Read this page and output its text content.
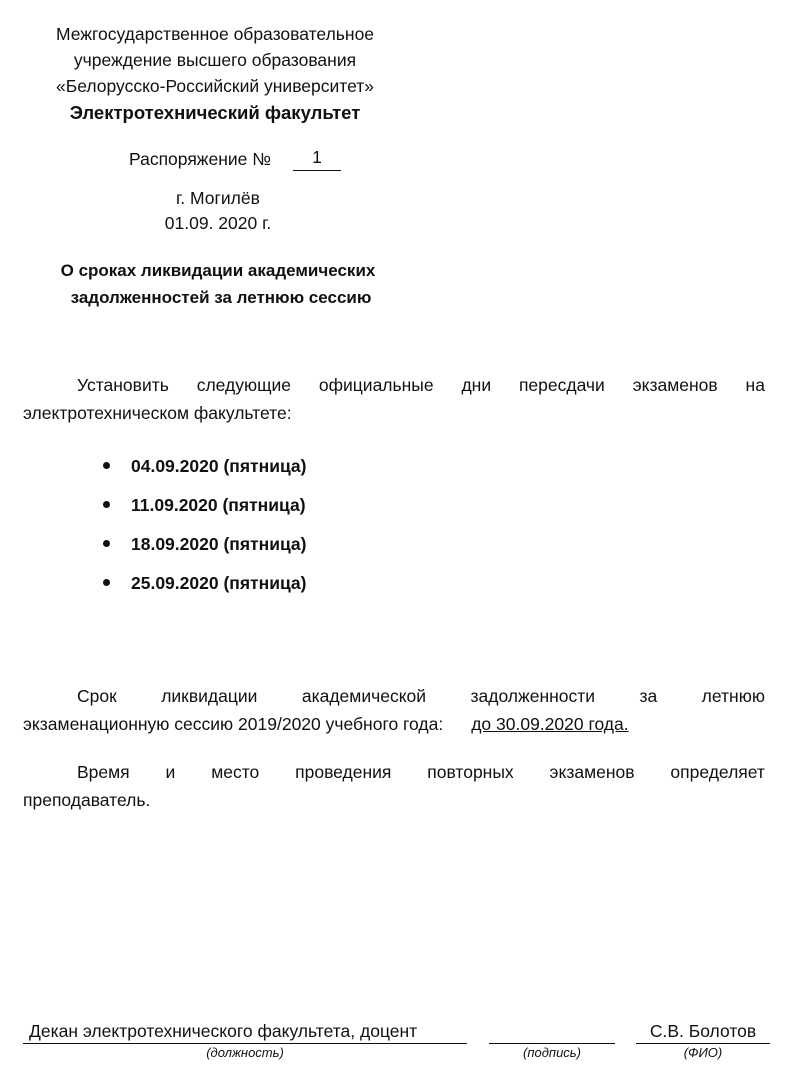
Межгосударственное образовательное
учреждение высшего образования
«Белорусско-Российский университет»
Электротехнический факультет
Распоряжение №	1
г. Могилёв
01.09. 2020 г.
О сроках ликвидации академических
задолженностей за летнюю сессию
Установить следующие официальные дни пересдачи экзаменов на
электротехническом факультете:
04.09.2020 (пятница)
11.09.2020 (пятница)
18.09.2020 (пятница)
25.09.2020 (пятница)
Срок	ликвидации	академической	задолженности	за	летнюю
экзаменационную сессию 2019/2020 учебного года: до 30.09.2020 года.
Время и место проведения повторных экзаменов определяет
преподаватель.
Декан электротехнического факультета, доцент
(должность)	(подпись)
С.В. Болотов
(ФИО)
